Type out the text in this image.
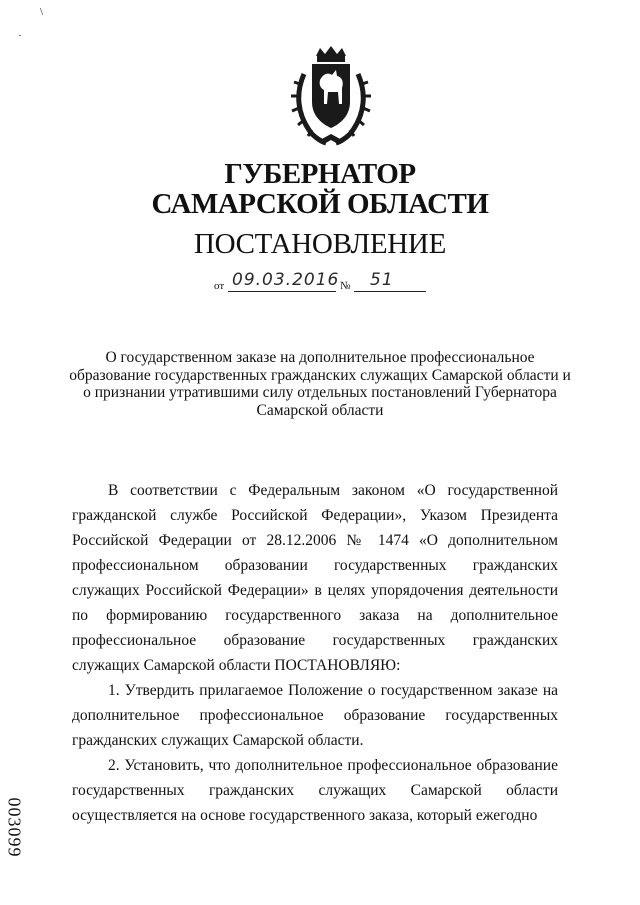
\
·
ГУБЕРНАТОР
САМАРСКОЙ ОБЛАСТИ
ПОСТАНОВЛЕНИЕ
от 09.03.2016 № 51
О государственном заказе на дополнительное профессиональное образование государственных гражданских служащих Самарской области и о признании утратившими силу отдельных постановлений Губернатора Самарской области

В соответствии с Федеральным законом «О государственной гражданской службе Российской Федерации», Указом Президента Российской Федерации от 28.12.2006 № 1474 «О дополнительном профессиональном образовании государственных гражданских служащих Российской Федерации» в целях упорядочения деятельности по формированию государственного заказа на дополнительное профессиональное образование государственных гражданских служащих Самарской области ПОСТАНОВЛЯЮ:

1. Утвердить прилагаемое Положение о государственном заказе на дополнительное профессиональное образование государственных гражданских служащих Самарской области.

2. Установить, что дополнительное профессиональное образование государственных гражданских служащих Самарской области осуществляется на основе государственного заказа, который ежегодно

003099
